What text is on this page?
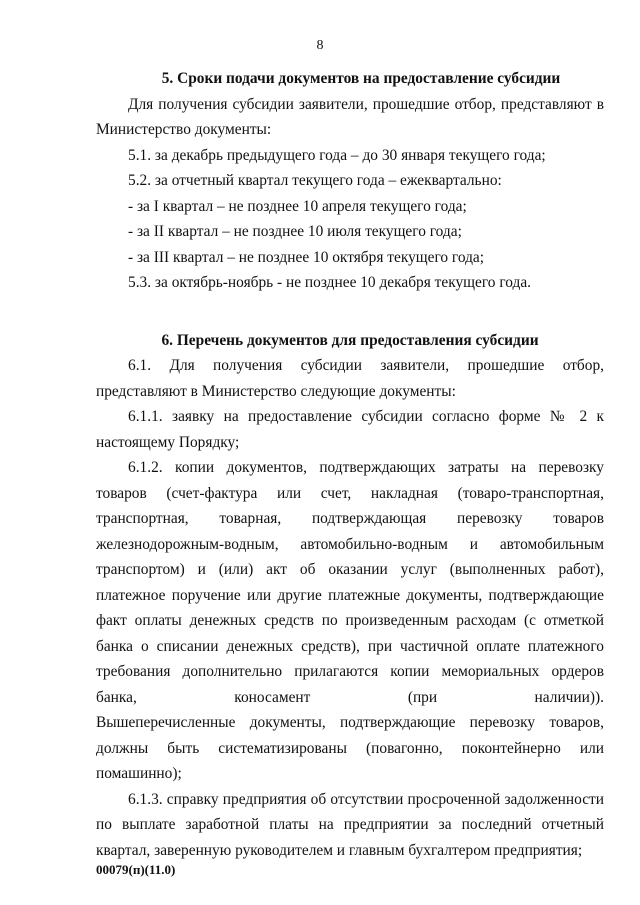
8
5. Сроки подачи документов на предоставление субсидии

Для получения субсидии заявители, прошедшие отбор, представляют в Министерство документы:

5.1. за декабрь предыдущего года – до 30 января текущего года;

5.2. за отчетный квартал текущего года – ежеквартально:

- за I квартал – не позднее 10 апреля текущего года;

- за II квартал – не позднее 10 июля текущего года;

- за III квартал – не позднее 10 октября текущего года;

5.3. за октябрь-ноябрь - не позднее 10 декабря текущего года.

6. Перечень документов для предоставления субсидии

6.1. Для получения субсидии заявители, прошедшие отбор, представляют в Министерство следующие документы:

6.1.1. заявку на предоставление субсидии согласно форме № 2 к настоящему Порядку;

6.1.2. копии документов, подтверждающих затраты на перевозку товаров (счет-фактура или счет, накладная (товаро-транспортная, транспортная, товарная, подтверждающая перевозку товаров железнодорожным-водным, автомобильно-водным и автомобильным транспортом) и (или) акт об оказании услуг (выполненных работ), платежное поручение или другие платежные документы, подтверждающие факт оплаты денежных средств по произведенным расходам (с отметкой банка о списании денежных средств), при частичной оплате платежного требования дополнительно прилагаются копии мемориальных ордеров банка, коносамент (при наличии)).

Вышеперечисленные документы, подтверждающие перевозку товаров, должны быть систематизированы (повагонно, поконтейнерно или помашинно);

6.1.3. справку предприятия об отсутствии просроченной задолженности по выплате заработной платы на предприятии за последний отчетный квартал, заверенную руководителем и главным бухгалтером предприятия;

00079(п)(11.0)
